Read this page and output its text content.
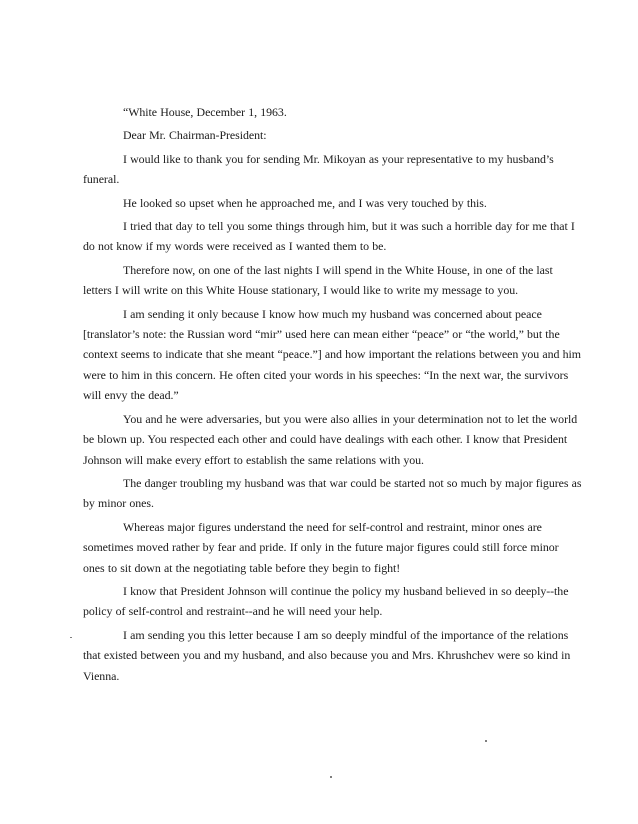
“White House, December 1, 1963.

Dear Mr. Chairman-President:

I would like to thank you for sending Mr. Mikoyan as your representative to my husband’s funeral.

He looked so upset when he approached me, and I was very touched by this.

I tried that day to tell you some things through him, but it was such a horrible day for me that I do not know if my words were received as I wanted them to be.

Therefore now, on one of the last nights I will spend in the White House, in one of the last letters I will write on this White House stationary, I would like to write my message to you.

I am sending it only because I know how much my husband was concerned about peace [translator’s note: the Russian word “mir” used here can mean either “peace” or “the world,” but the context seems to indicate that she meant “peace.”] and how important the relations between you and him were to him in this concern. He often cited your words in his speeches: “In the next war, the survivors will envy the dead.”

You and he were adversaries, but you were also allies in your determination not to let the world be blown up. You respected each other and could have dealings with each other. I know that President Johnson will make every effort to establish the same relations with you.

The danger troubling my husband was that war could be started not so much by major figures as by minor ones.

Whereas major figures understand the need for self-control and restraint, minor ones are sometimes moved rather by fear and pride. If only in the future major figures could still force minor ones to sit down at the negotiating table before they begin to fight!

I know that President Johnson will continue the policy my husband believed in so deeply--the policy of self-control and restraint--and he will need your help.

I am sending you this letter because I am so deeply mindful of the importance of the relations that existed between you and my husband, and also because you and Mrs. Khrushchev were so kind in Vienna.
